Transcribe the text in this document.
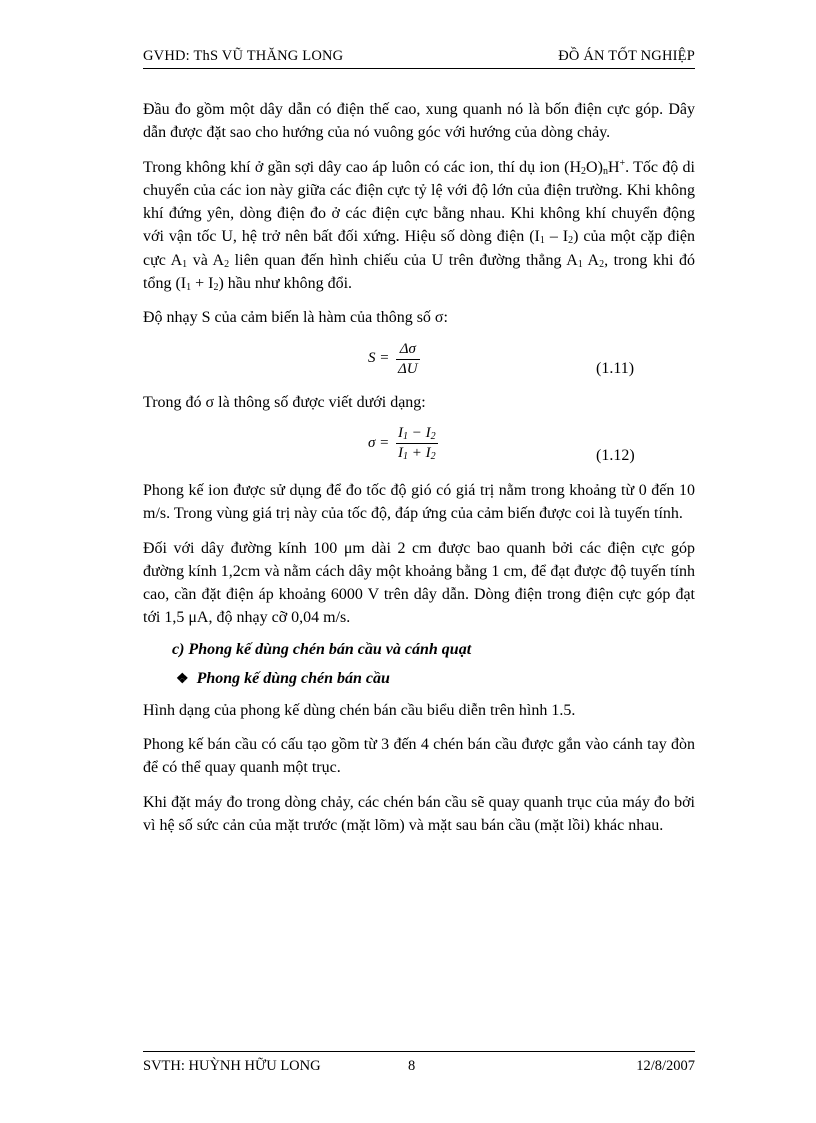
GVHD: ThS VŨ THĂNG LONG	ĐỒ ÁN TỐT NGHIỆP

Đầu đo gồm một dây dẫn có điện thế cao, xung quanh nó là bốn điện cực góp. Dây dẫn được đặt sao cho hướng của nó vuông góc với hướng của dòng chảy.

Trong không khí ở gần sợi dây cao áp luôn có các ion, thí dụ ion $(H_2O)_nH^+$. Tốc độ di chuyển của các ion này giữa các điện cực tỷ lệ với độ lớn của điện trường. Khi không khí đứng yên, dòng điện đo ở các điện cực bằng nhau. Khi không khí chuyển động với vận tốc U, hệ trở nên bất đối xứng. Hiệu số dòng điện $(I_1 - I_2)$ của một cặp điện cực $A_1$ và $A_2$ liên quan đến hình chiếu của U trên đường thẳng $A_1$ $A_2$, trong khi đó tổng $(I_1 + I_2)$ hầu như không đổi.

Độ nhạy S của cảm biến là hàm của thông số σ:

S =
Δσ
ΔU	(1.11)

Trong đó σ là thông số được viết dưới dạng:

σ =
$I_1 - I_2$
$I_1 + I_2$	(1.12)

Phong kế ion được sử dụng để đo tốc độ gió có giá trị nằm trong khoảng từ 0 đến 10 m/s. Trong vùng giá trị này của tốc độ, đáp ứng của cảm biến được coi là tuyến tính.

Đối với dây đường kính 100 μm dài 2 cm được bao quanh bởi các điện cực góp đường kính 1,2cm và nằm cách dây một khoảng bằng 1 cm, để đạt được độ tuyến tính cao, cần đặt điện áp khoảng 6000 V trên dây dẫn. Dòng điện trong điện cực góp đạt tới 1,5 μA, độ nhạy cỡ 0,04 m/s.

c) Phong kế dùng chén bán cầu và cánh quạt
❖ Phong kế dùng chén bán cầu

Hình dạng của phong kế dùng chén bán cầu biểu diễn trên hình 1.5.

Phong kế bán cầu có cấu tạo gồm từ 3 đến 4 chén bán cầu được gắn vào cánh tay đòn để có thể quay quanh một trục.

Khi đặt máy đo trong dòng chảy, các chén bán cầu sẽ quay quanh trục của máy đo bởi vì hệ số sức cản của mặt trước (mặt lõm) và mặt sau bán cầu (mặt lồi) khác nhau.

SVTH: HUỲNH HỮU LONG	8	12/8/2007
